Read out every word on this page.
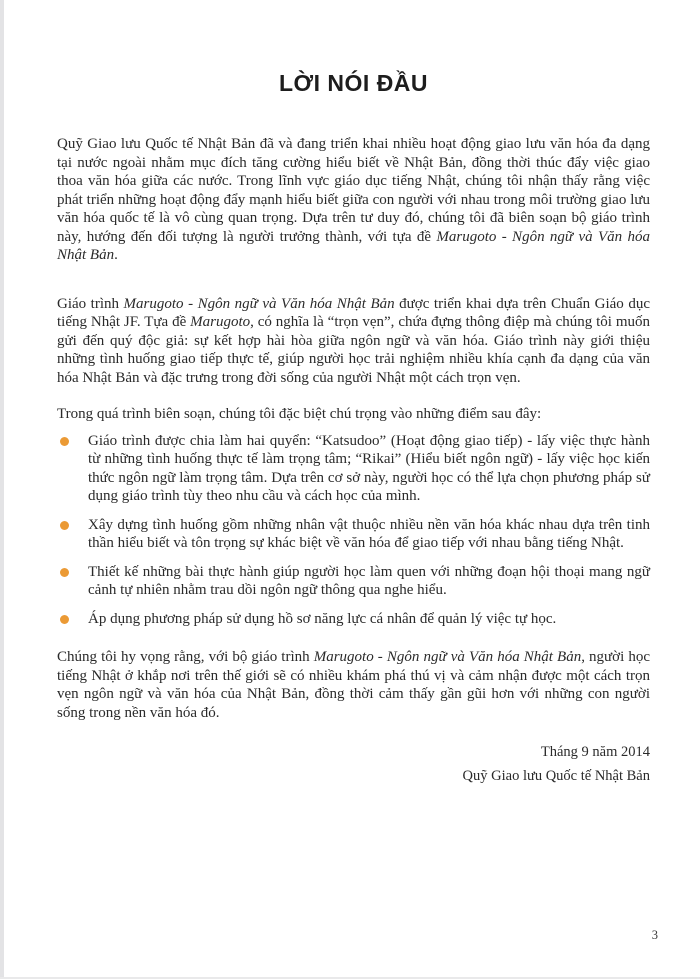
LỜI NÓI ĐẦU

Quỹ Giao lưu Quốc tế Nhật Bản đã và đang triển khai nhiều hoạt động giao lưu văn hóa đa dạng tại nước ngoài nhằm mục đích tăng cường hiểu biết về Nhật Bản, đồng thời thúc đẩy việc giao thoa văn hóa giữa các nước. Trong lĩnh vực giáo dục tiếng Nhật, chúng tôi nhận thấy rằng việc phát triển những hoạt động đẩy mạnh hiểu biết giữa con người với nhau trong môi trường giao lưu văn hóa quốc tế là vô cùng quan trọng. Dựa trên tư duy đó, chúng tôi đã biên soạn bộ giáo trình này, hướng đến đối tượng là người trưởng thành, với tựa đề Marugoto - Ngôn ngữ và Văn hóa Nhật Bản.

Giáo trình Marugoto - Ngôn ngữ và Văn hóa Nhật Bản được triển khai dựa trên Chuẩn Giáo dục tiếng Nhật JF. Tựa đề Marugoto, có nghĩa là “trọn vẹn”, chứa đựng thông điệp mà chúng tôi muốn gửi đến quý độc giả: sự kết hợp hài hòa giữa ngôn ngữ và văn hóa. Giáo trình này giới thiệu những tình huống giao tiếp thực tế, giúp người học trải nghiệm nhiều khía cạnh đa dạng của văn hóa Nhật Bản và đặc trưng trong đời sống của người Nhật một cách trọn vẹn.

Trong quá trình biên soạn, chúng tôi đặc biệt chú trọng vào những điểm sau đây:

Giáo trình được chia làm hai quyển: “Katsudoo” (Hoạt động giao tiếp) - lấy việc thực hành từ những tình huống thực tế làm trọng tâm; “Rikai” (Hiểu biết ngôn ngữ) - lấy việc học kiến thức ngôn ngữ làm trọng tâm. Dựa trên cơ sở này, người học có thể lựa chọn phương pháp sử dụng giáo trình tùy theo nhu cầu và cách học của mình.
Xây dựng tình huống gồm những nhân vật thuộc nhiều nền văn hóa khác nhau dựa trên tinh thần hiểu biết và tôn trọng sự khác biệt về văn hóa để giao tiếp với nhau bằng tiếng Nhật.
Thiết kế những bài thực hành giúp người học làm quen với những đoạn hội thoại mang ngữ cảnh tự nhiên nhằm trau dồi ngôn ngữ thông qua nghe hiểu.
Áp dụng phương pháp sử dụng hồ sơ năng lực cá nhân để quản lý việc tự học.

Chúng tôi hy vọng rằng, với bộ giáo trình Marugoto - Ngôn ngữ và Văn hóa Nhật Bản, người học tiếng Nhật ở khắp nơi trên thế giới sẽ có nhiều khám phá thú vị và cảm nhận được một cách trọn vẹn ngôn ngữ và văn hóa của Nhật Bản, đồng thời cảm thấy gần gũi hơn với những con người sống trong nền văn hóa đó.

Tháng 9 năm 2014
Quỹ Giao lưu Quốc tế Nhật Bản
3
